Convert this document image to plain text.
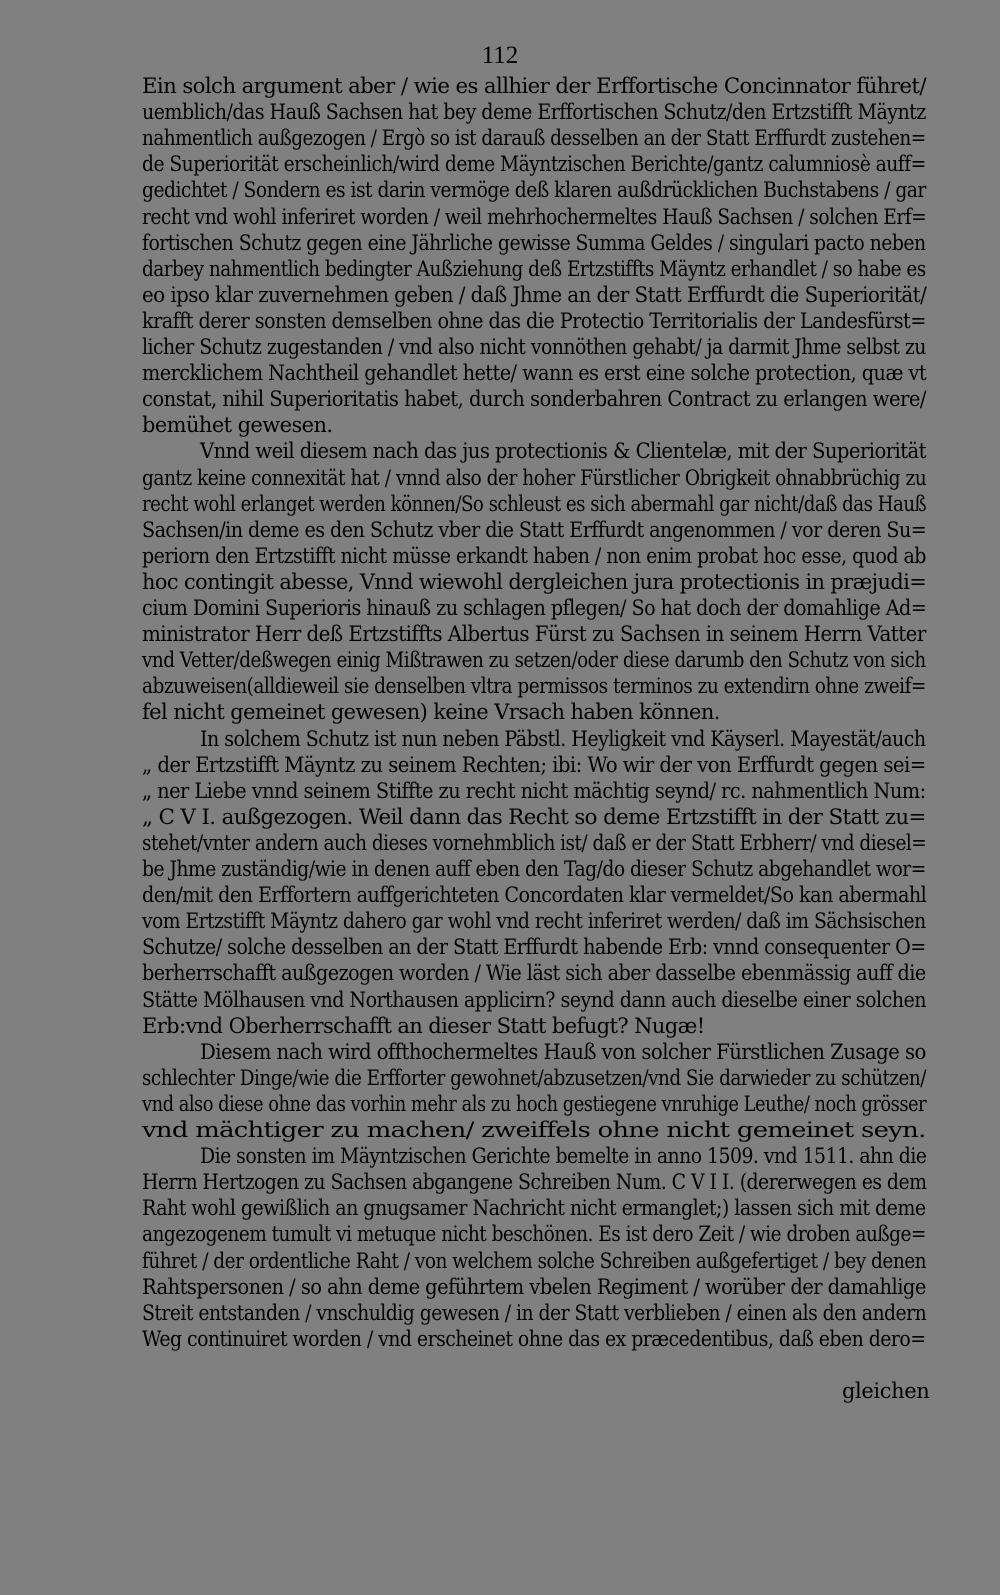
112
Ein solch argument aber / wie es allhier der Erffortische Concinnator führet/
uemblich/das Hauß Sachsen hat bey deme Erffortischen Schutz/den Ertzstifft Mäyntz
nahmentlich außgezogen / Ergò so ist darauß desselben an der Statt Erffurdt zustehen=
de Superiorität erscheinlich/wird deme Mäyntzischen Berichte/gantz calumniosè auff=
gedichtet / Sondern es ist darin vermöge deß klaren außdrücklichen Buchstabens / gar
recht vnd wohl inferiret worden / weil mehrhochermeltes Hauß Sachsen / solchen Erf=
fortischen Schutz gegen eine Jährliche gewisse Summa Geldes / singulari pacto neben
darbey nahmentlich bedingter Außziehung deß Ertzstiffts Mäyntz erhandlet / so habe es
eo ipso klar zuvernehmen geben / daß Jhme an der Statt Erffurdt die Superiorität/
krafft derer sonsten demselben ohne das die Protectio Territorialis der Landesfürst=
licher Schutz zugestanden / vnd also nicht vonnöthen gehabt/ ja darmit Jhme selbst zu
mercklichem Nachtheil gehandlet hette/ wann es erst eine solche protection, quæ vt
constat, nihil Superioritatis habet, durch sonderbahren Contract zu erlangen were/
bemühet gewesen.
Vnnd weil diesem nach das jus protectionis & Clientelæ, mit der Superiorität
gantz keine connexität hat / vnnd also der hoher Fürstlicher Obrigkeit ohnabbrüchig zu
recht wohl erlanget werden können/So schleust es sich abermahl gar nicht/daß das Hauß
Sachsen/in deme es den Schutz vber die Statt Erffurdt angenommen / vor deren Su=
periorn den Ertzstifft nicht müsse erkandt haben / non enim probat hoc esse, quod ab
hoc contingit abesse, Vnnd wiewohl dergleichen jura protectionis in præjudi=
cium Domini Superioris hinauß zu schlagen pflegen/ So hat doch der domahlige Ad=
ministrator Herr deß Ertzstiffts Albertus Fürst zu Sachsen in seinem Herrn Vatter
vnd Vetter/deßwegen einig Mißtrawen zu setzen/oder diese darumb den Schutz von sich
abzuweisen(alldieweil sie denselben vltra permissos terminos zu extendirn ohne zweif=
fel nicht gemeinet gewesen) keine Vrsach haben können.
In solchem Schutz ist nun neben Päbstl. Heyligkeit vnd Käyserl. Mayestät/auch
„ der Ertzstifft Mäyntz zu seinem Rechten; ibi: Wo wir der von Erffurdt gegen sei=
„ ner Liebe vnnd seinem Stiffte zu recht nicht mächtig seynd/ rc. nahmentlich Num:
„ C V I. außgezogen. Weil dann das Recht so deme Ertzstifft in der Statt zu=
stehet/vnter andern auch dieses vornehmblich ist/ daß er der Statt Erbherr/ vnd diesel=
be Jhme zuständig/wie in denen auff eben den Tag/do dieser Schutz abgehandlet wor=
den/mit den Erffortern auffgerichteten Concordaten klar vermeldet/So kan abermahl
vom Ertzstifft Mäyntz dahero gar wohl vnd recht inferiret werden/ daß im Sächsischen
Schutze/ solche desselben an der Statt Erffurdt habende Erb: vnnd consequenter O=
berherrschafft außgezogen worden / Wie läst sich aber dasselbe ebenmässig auff die
Stätte Mölhausen vnd Northausen applicirn? seynd dann auch dieselbe einer solchen
Erb:vnd Oberherrschafft an dieser Statt befugt? Nugæ!
Diesem nach wird offthochermeltes Hauß von solcher Fürstlichen Zusage so
schlechter Dinge/wie die Erfforter gewohnet/abzusetzen/vnd Sie darwieder zu schützen/
vnd also diese ohne das vorhin mehr als zu hoch gestiegene vnruhige Leuthe/ noch grösser
vnd mächtiger zu machen/ zweiffels ohne nicht gemeinet seyn.
Die sonsten im Mäyntzischen Gerichte bemelte in anno 1509. vnd 1511. ahn die
Herrn Hertzogen zu Sachsen abgangene Schreiben Num. C V I I. (dererwegen es dem
Raht wohl gewißlich an gnugsamer Nachricht nicht ermanglet;) lassen sich mit deme
angezogenem tumult vi metuque nicht beschönen. Es ist dero Zeit / wie droben außge=
führet / der ordentliche Raht / von welchem solche Schreiben außgefertiget / bey denen
Rahtspersonen / so ahn deme geführtem vbelen Regiment / worüber der damahlige
Streit entstanden / vnschuldig gewesen / in der Statt verblieben / einen als den andern
Weg continuiret worden / vnd erscheinet ohne das ex præcedentibus, daß eben dero=
gleichen
